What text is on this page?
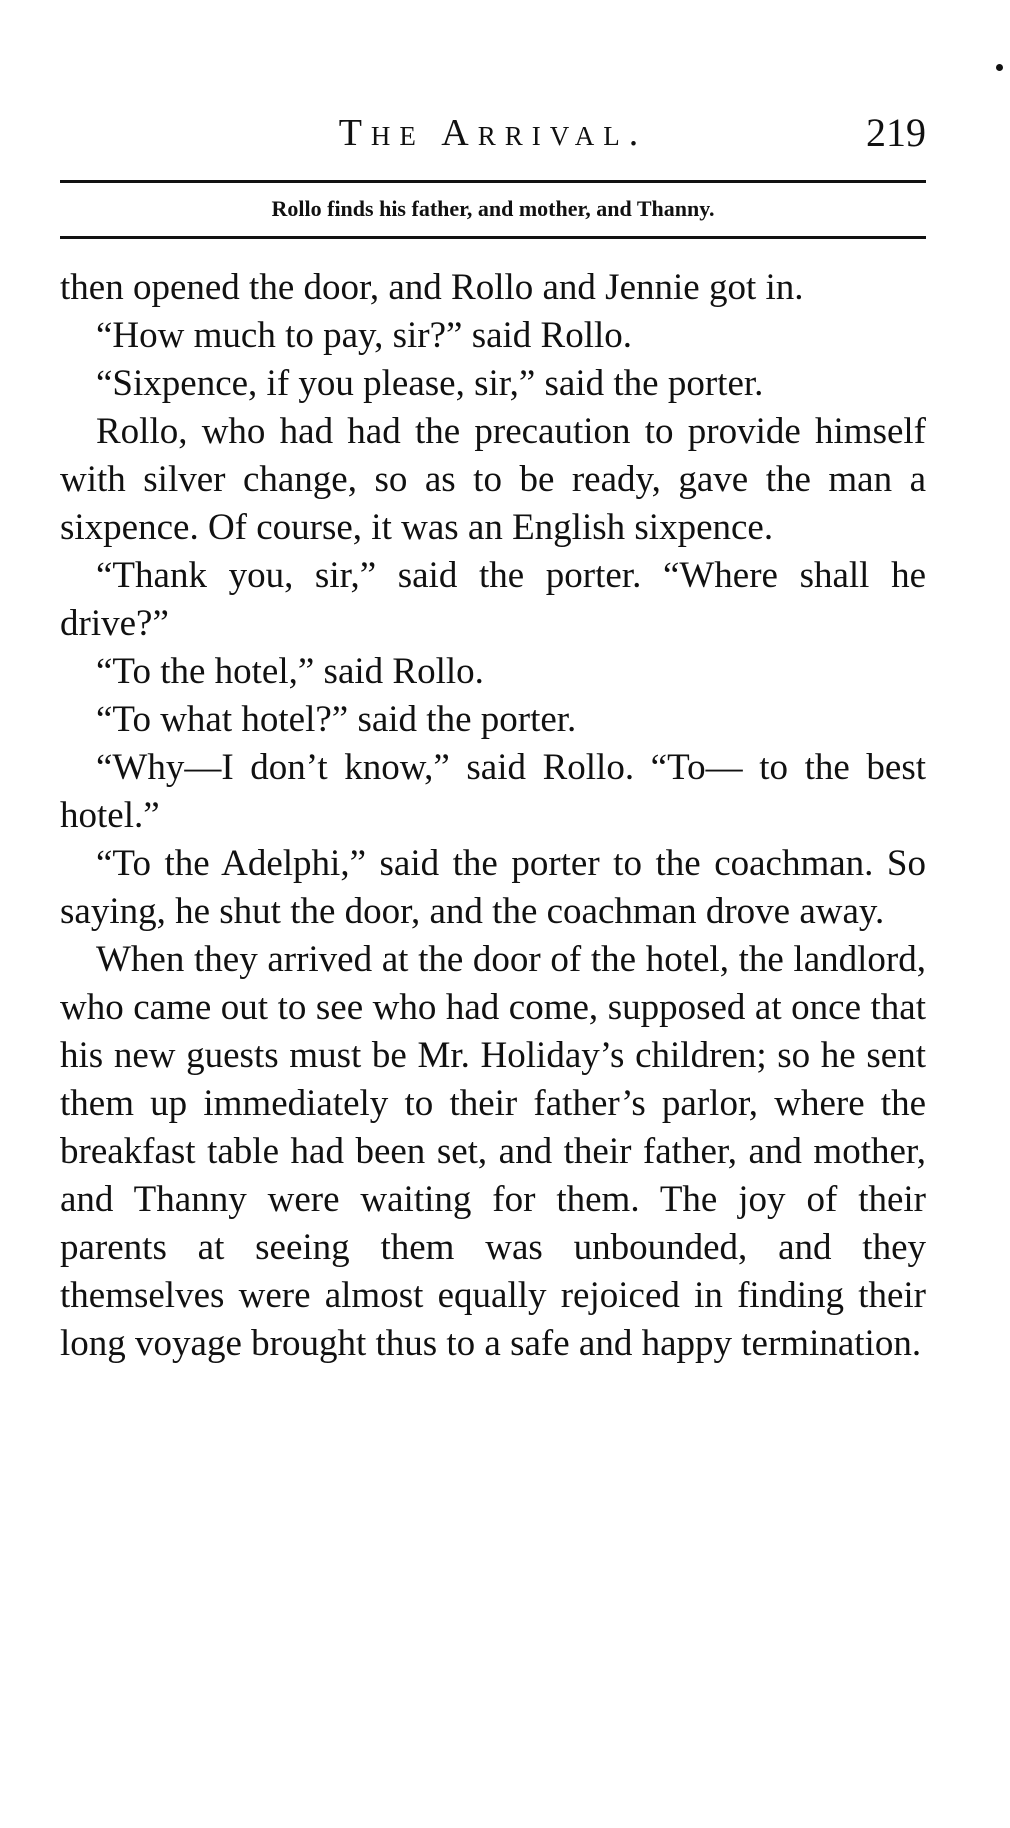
The Arrival.	219
Rollo finds his father, and mother, and Thanny.

then opened the door, and Rollo and Jennie got in.

“How much to pay, sir?” said Rollo.

“Sixpence, if you please, sir,” said the porter.

Rollo, who had had the precaution to provide himself with silver change, so as to be ready, gave the man a sixpence. Of course, it was an English sixpence.

“Thank you, sir,” said the porter. “Where shall he drive?”

“To the hotel,” said Rollo.

“To what hotel?” said the porter.

“Why—I don’t know,” said Rollo. “To— to the best hotel.”

“To the Adelphi,” said the porter to the coachman. So saying, he shut the door, and the coachman drove away.

When they arrived at the door of the hotel, the landlord, who came out to see who had come, supposed at once that his new guests must be Mr. Holiday’s children; so he sent them up immediately to their father’s parlor, where the breakfast table had been set, and their father, and mother, and Thanny were waiting for them. The joy of their parents at seeing them was unbounded, and they themselves were almost equally rejoiced in finding their long voyage brought thus to a safe and happy termination.
